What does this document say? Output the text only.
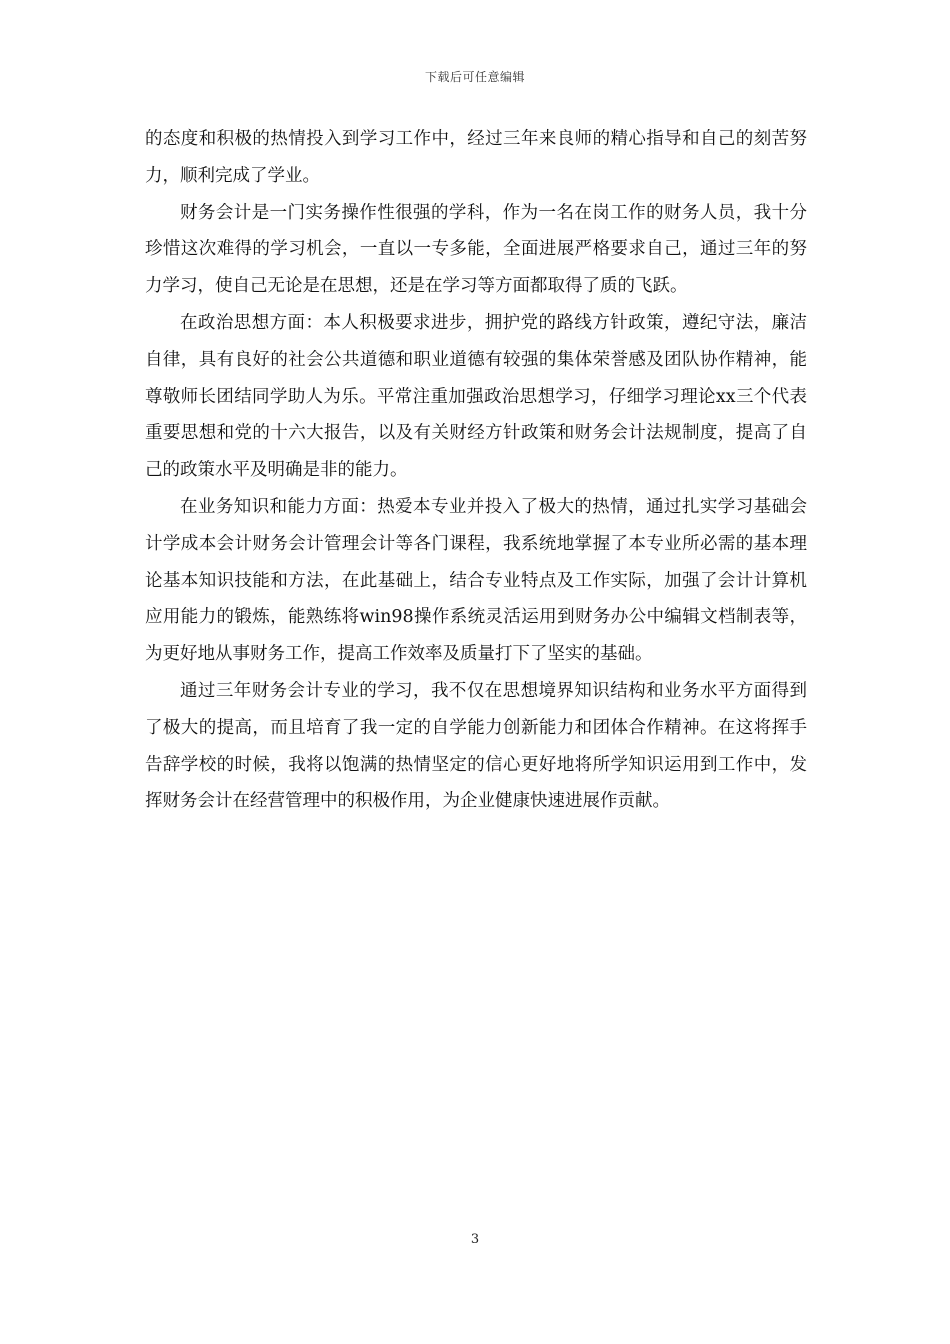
下载后可任意编辑

的态度和积极的热情投入到学习工作中，经过三年来良师的精心指导和自己的刻苦努力，顺利完成了学业。

财务会计是一门实务操作性很强的学科，作为一名在岗工作的财务人员，我十分珍惜这次难得的学习机会，一直以一专多能，全面进展严格要求自己，通过三年的努力学习，使自己无论是在思想，还是在学习等方面都取得了质的飞跃。

在政治思想方面：本人积极要求进步，拥护党的路线方针政策，遵纪守法，廉洁自律，具有良好的社会公共道德和职业道德有较强的集体荣誉感及团队协作精神，能尊敬师长团结同学助人为乐。平常注重加强政治思想学习，仔细学习理论xx三个代表重要思想和党的十六大报告，以及有关财经方针政策和财务会计法规制度，提高了自己的政策水平及明确是非的能力。

在业务知识和能力方面：热爱本专业并投入了极大的热情，通过扎实学习基础会计学成本会计财务会计管理会计等各门课程，我系统地掌握了本专业所必需的基本理论基本知识技能和方法，在此基础上，结合专业特点及工作实际，加强了会计计算机应用能力的锻炼，能熟练将win98操作系统灵活运用到财务办公中编辑文档制表等，为更好地从事财务工作，提高工作效率及质量打下了坚实的基础。

通过三年财务会计专业的学习，我不仅在思想境界知识结构和业务水平方面得到了极大的提高，而且培育了我一定的自学能力创新能力和团体合作精神。在这将挥手告辞学校的时候，我将以饱满的热情坚定的信心更好地将所学知识运用到工作中，发挥财务会计在经营管理中的积极作用，为企业健康快速进展作贡献。

3
